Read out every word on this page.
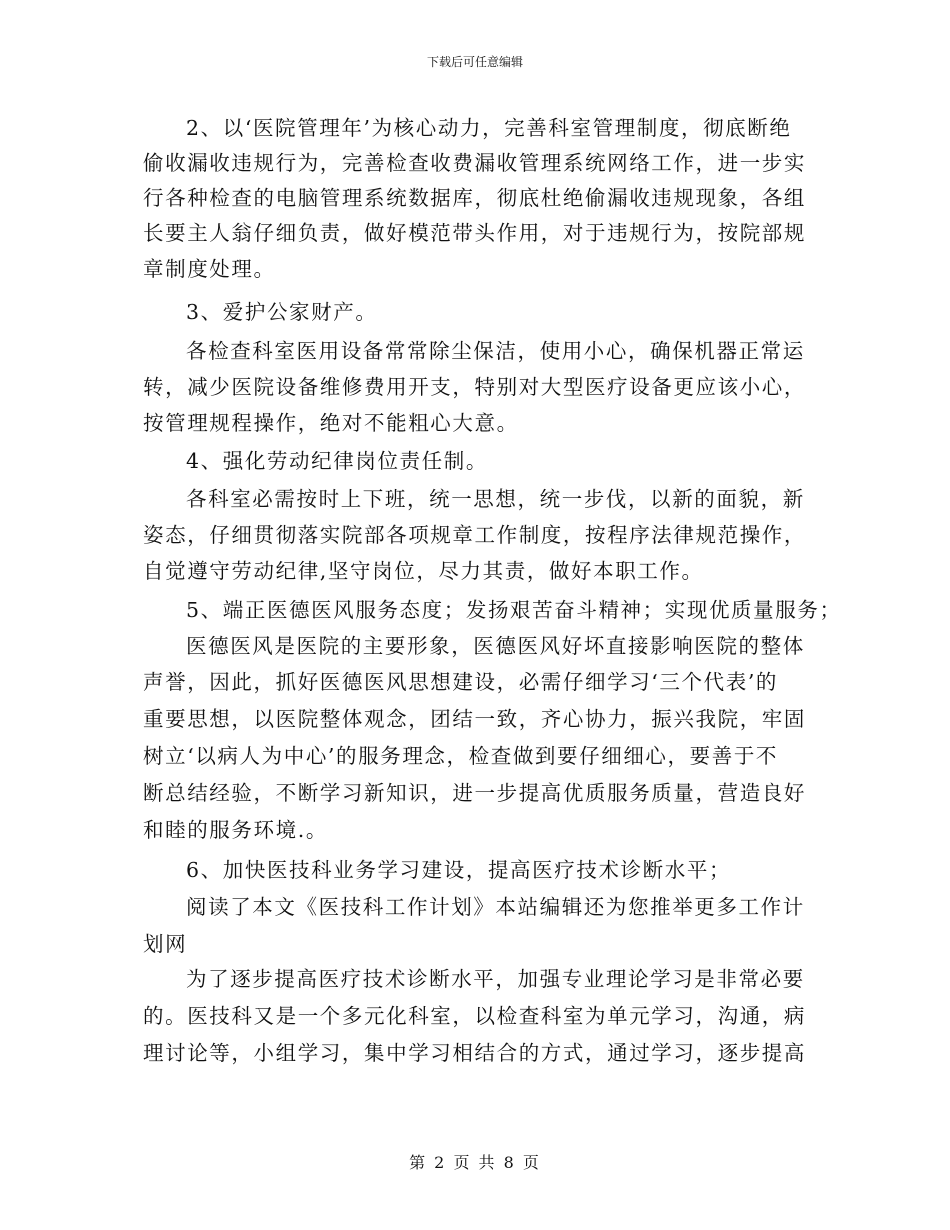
下载后可任意编辑
2、以‘医院管理年’为核心动力，完善科室管理制度，彻底断绝
偷收漏收违规行为，完善检查收费漏收管理系统网络工作，进一步实
行各种检查的电脑管理系统数据库，彻底杜绝偷漏收违规现象，各组
长要主人翁仔细负责，做好模范带头作用，对于违规行为，按院部规
章制度处理。
3、爱护公家财产。
各检查科室医用设备常常除尘保洁，使用小心，确保机器正常运
转，减少医院设备维修费用开支，特别对大型医疗设备更应该小心，
按管理规程操作，绝对不能粗心大意。
4、强化劳动纪律岗位责任制。
各科室必需按时上下班，统一思想，统一步伐，以新的面貌，新
姿态，仔细贯彻落实院部各项规章工作制度，按程序法律规范操作，
自觉遵守劳动纪律,坚守岗位，尽力其责，做好本职工作。
5、端正医德医风服务态度；发扬艰苦奋斗精神；实现优质量服务；
医德医风是医院的主要形象，医德医风好坏直接影响医院的整体
声誉，因此，抓好医德医风思想建设，必需仔细学习‘三个代表’的
重要思想，以医院整体观念，团结一致，齐心协力，振兴我院，牢固
树立‘以病人为中心’的服务理念，检查做到要仔细细心，要善于不
断总结经验，不断学习新知识，进一步提高优质服务质量，营造良好
和睦的服务环境.。
6、加快医技科业务学习建设，提高医疗技术诊断水平；
阅读了本文《医技科工作计划》本站编辑还为您推举更多工作计
划网
为了逐步提高医疗技术诊断水平，加强专业理论学习是非常必要
的。医技科又是一个多元化科室，以检查科室为单元学习，沟通，病
理讨论等，小组学习，集中学习相结合的方式，通过学习，逐步提高
第 2 页 共 8 页
